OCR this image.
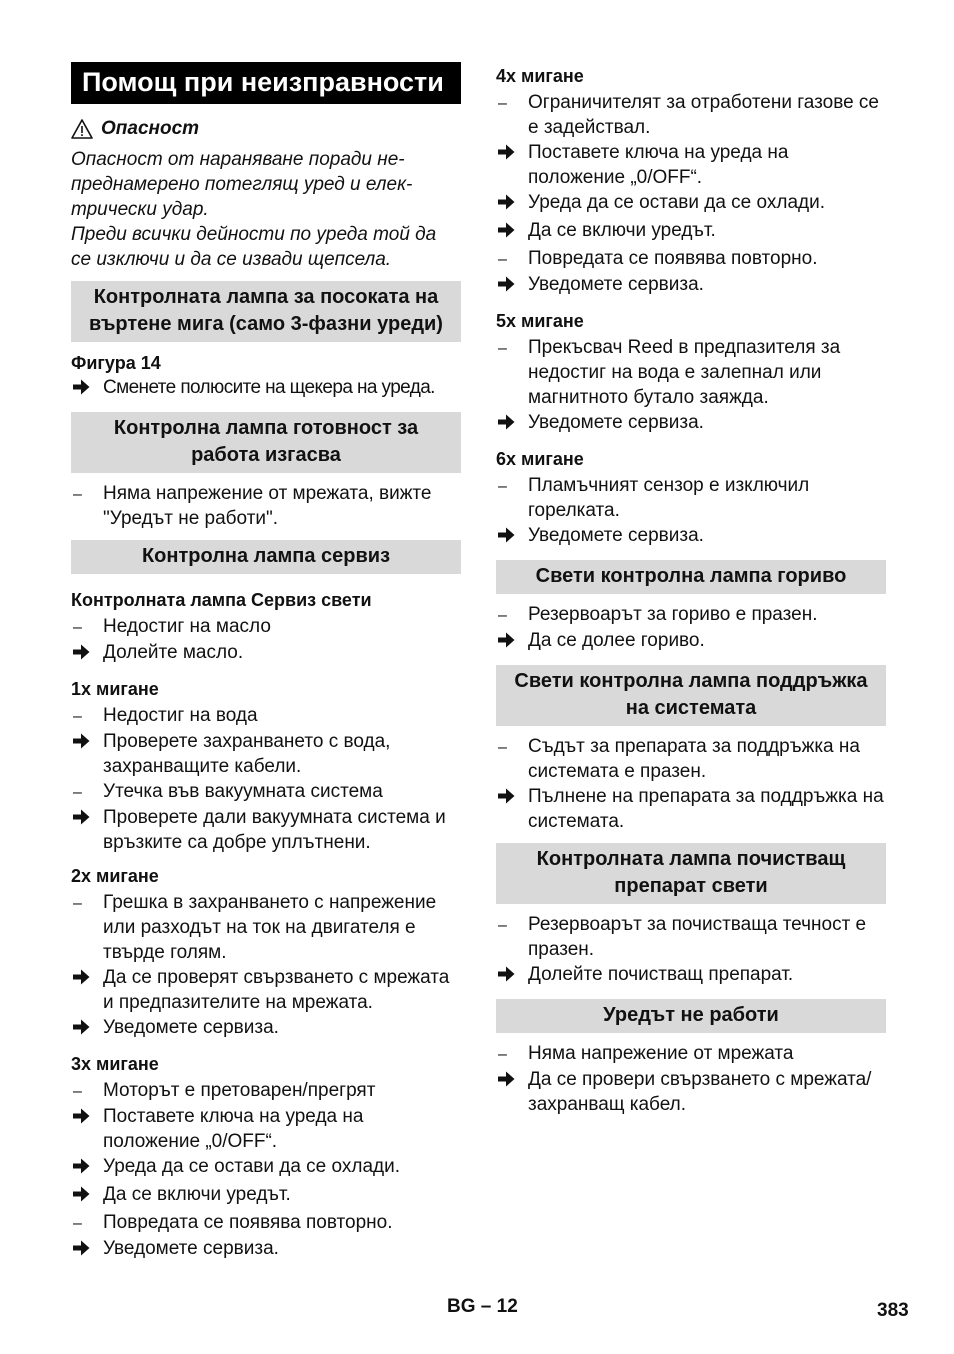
Помощ при неизправности
Опасност
Опасност от нараняване поради не-
преднамерено потеглящ уред и елек-
трически удар.
Преди всички дейности по уреда той да
се изключи и да се извади щепсела.
Контролната лампа за посоката на въртене мига (само 3-фазни уреди)
Фигура 14
Сменете полюсите на щекера на уреда.
Контролна лампа готовност за работа изгасва
–	Няма напрежение от мрежата, вижте "Уредът не работи".
Контролна лампа сервиз
Контролната лампа Сервиз свети
–	Недостиг на масло
Долейте масло.
1x мигане
–	Недостиг на вода
Проверете захранването с вода, захранващите кабели.
–	Утечка във вакуумната система
Проверете дали вакуумната система и връзките са добре уплътнени.
2x мигане
–	Грешка в захранването с напрежение или разходът на ток на двигателя е твърде голям.
Да се проверят свързването с мрежата и предпазителите на мрежата.
Уведомете сервиза.
3x мигане
–	Моторът е претоварен/прегрят
Поставете ключа на уреда на положение „0/OFF“.
Уреда да се остави да се охлади.
Да се включи уредът.
–	Повредата се появява повторно.
Уведомете сервиза.
4x мигане
–	Ограничителят за отработени газове се е задействал.
Поставете ключа на уреда на положение „0/OFF“.
Уреда да се остави да се охлади.
Да се включи уредът.
–	Повредата се появява повторно.
Уведомете сервиза.
5x мигане
–	Прекъсвач Reed в предпазителя за недостиг на вода е залепнал или магнитното бутало заяжда.
Уведомете сервиза.
6x мигане
–	Пламъчният сензор е изключил горелката.
Уведомете сервиза.
Свети контролна лампа гориво
–	Резервоарът за гориво е празен.
Да се долее гориво.
Свети контролна лампа поддръжка на системата
–	Съдът за препарата за поддръжка на системата е празен.
Пълнене на препарата за поддръжка на системата.
Контролната лампа почистващ препарат свети
–	Резервоарът за почистваща течност е празен.
Долейте почистващ препарат.
Уредът не работи
–	Няма напрежение от мрежата
Да се провери свързването с мрежата/захранващ кабел.
BG – 12	383
